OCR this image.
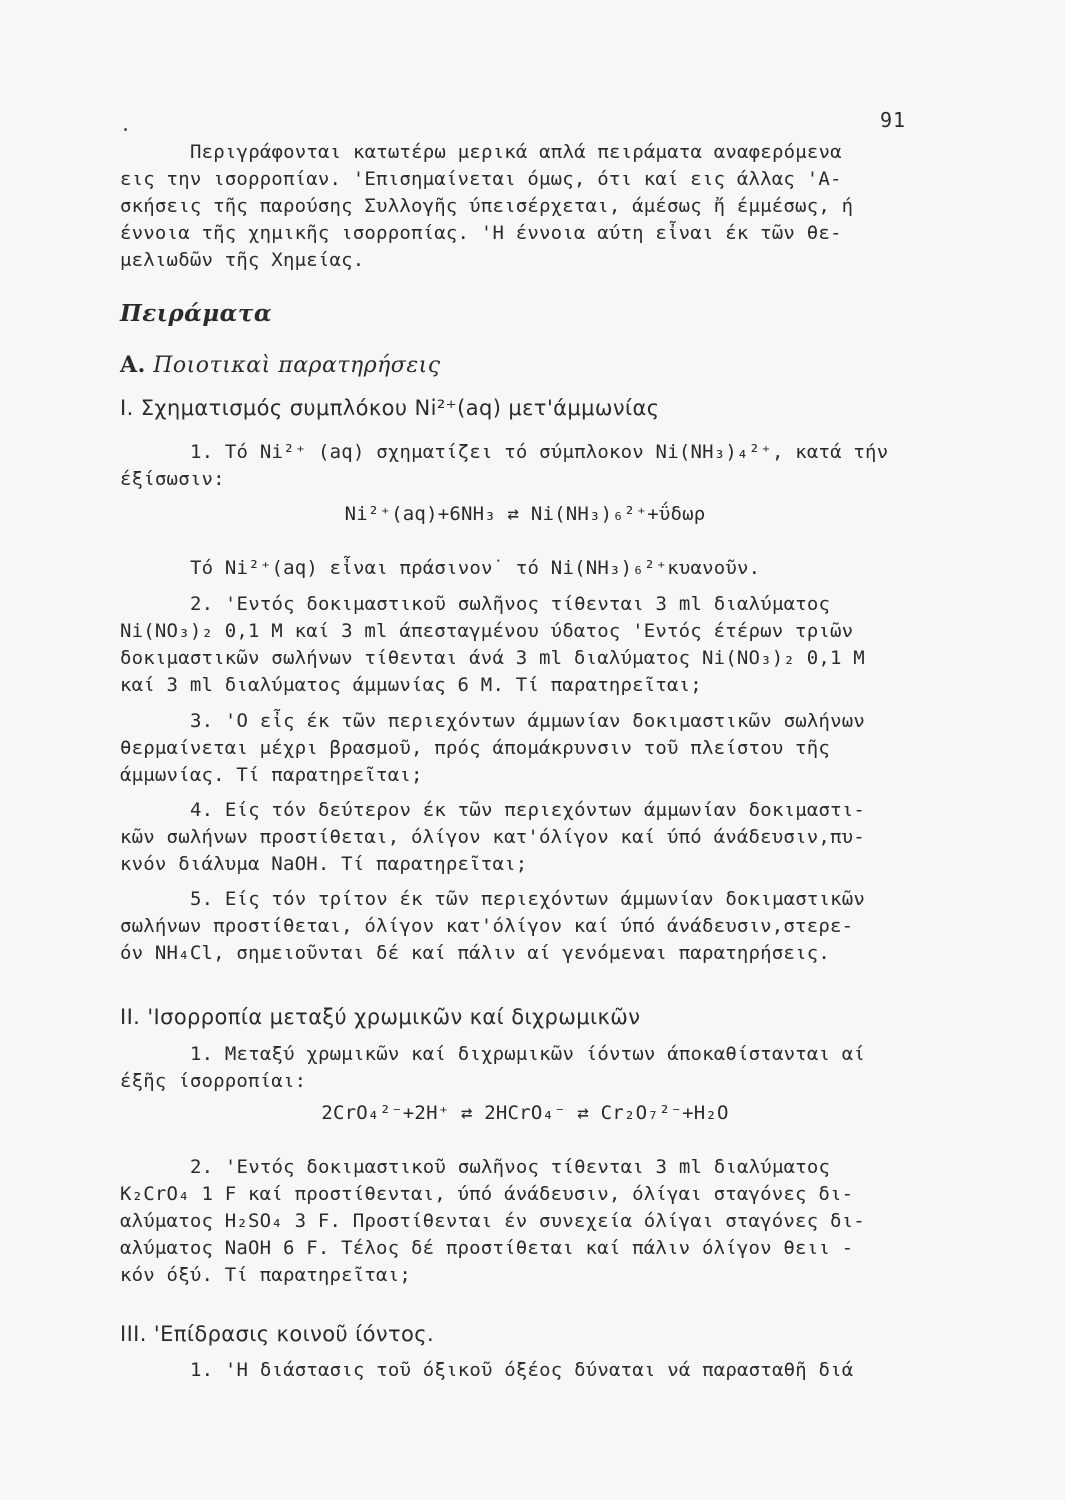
91
Περιγράφονται κατωτέρω μερικά απλά πειράματα αναφερόμενα
εις την ισορροπίαν. 'Επισημαίνεται όμως, ότι καί εις άλλας 'Α-
σκήσεις τῆς παρούσης Συλλογῆς ύπεισέρχεται, άμέσως ἤ έμμέσως, ή
έννοια τῆς χημικῆς ισορροπίας. 'Η έννοια αύτη εἶναι έκ τῶν θε-
μελιωδῶν τῆς Χημείας.
Πειράματα
Α. Ποιοτικαὶ παρατηρήσεις
I. Σχηματισμός συμπλόκου Ni²⁺(aq) μετ'άμμωνίας
1. Τό Ni²⁺ (aq) σχηματίζει τό σύμπλοκον Ni(NH₃)₄²⁺, κατά τήν
έξίσωσιν:
Ni²⁺(aq)+6NH₃ ⇄ Ni(NH₃)₆²⁺+ΰδωρ
Τό Ni²⁺(aq) εἶναι πράσινον˙ τό Ni(NH₃)₆²⁺κυανοῦν.
2. 'Εντός δοκιμαστικοῦ σωλῆνος τίθενται 3 ml διαλύματος
Ni(NO₃)₂ 0,1 M καί 3 ml άπεσταγμένου ύδατος 'Εντός έτέρων τριῶν
δοκιμαστικῶν σωλήνων τίθενται άνά 3 ml διαλύματος Ni(NO₃)₂ 0,1 M
καί 3 ml διαλύματος άμμωνίας 6 M. Τί παρατηρεῖται;
3. 'Ο εἶς έκ τῶν περιεχόντων άμμωνίαν δοκιμαστικῶν σωλήνων
θερμαίνεται μέχρι βρασμοῦ, πρός άπομάκρυνσιν τοῦ πλείστου τῆς
άμμωνίας. Τί παρατηρεῖται;
4. Είς τόν δεύτερον έκ τῶν περιεχόντων άμμωνίαν δοκιμαστι-
κῶν σωλήνων προστίθεται, όλίγον κατ'όλίγον καί ύπό άνάδευσιν,πυ-
κνόν διάλυμα NaOH. Τί παρατηρεῖται;
5. Είς τόν τρίτον έκ τῶν περιεχόντων άμμωνίαν δοκιμαστικῶν
σωλήνων προστίθεται, όλίγον κατ'όλίγον καί ύπό άνάδευσιν,στερε-
όν NH₄Cl, σημειοῦνται δέ καί πάλιν αί γενόμεναι παρατηρήσεις.
II. 'Ισορροπία μεταξύ χρωμικῶν καί διχρωμικῶν
1. Μεταξύ χρωμικῶν καί διχρωμικῶν ίόντων άποκαθίστανται αί
έξῆς ίσορροπίαι:
2CrO₄²⁻+2H⁺ ⇄ 2HCrO₄⁻ ⇄ Cr₂O₇²⁻+H₂O
2. 'Εντός δοκιμαστικοῦ σωλῆνος τίθενται 3 ml διαλύματος
K₂CrO₄ 1 F καί προστίθενται, ύπό άνάδευσιν, όλίγαι σταγόνες δι-
αλύματος H₂SO₄ 3 F. Προστίθενται έν συνεχεία όλίγαι σταγόνες δι-
αλύματος NaOH 6 F. Τέλος δέ προστίθεται καί πάλιν όλίγον θειι -
κόν όξύ. Τί παρατηρεῖται;
III. 'Επίδρασις κοινοῦ ίόντος.
1. 'Η διάστασις τοῦ όξικοῦ όξέος δύναται νά παρασταθῆ διά
